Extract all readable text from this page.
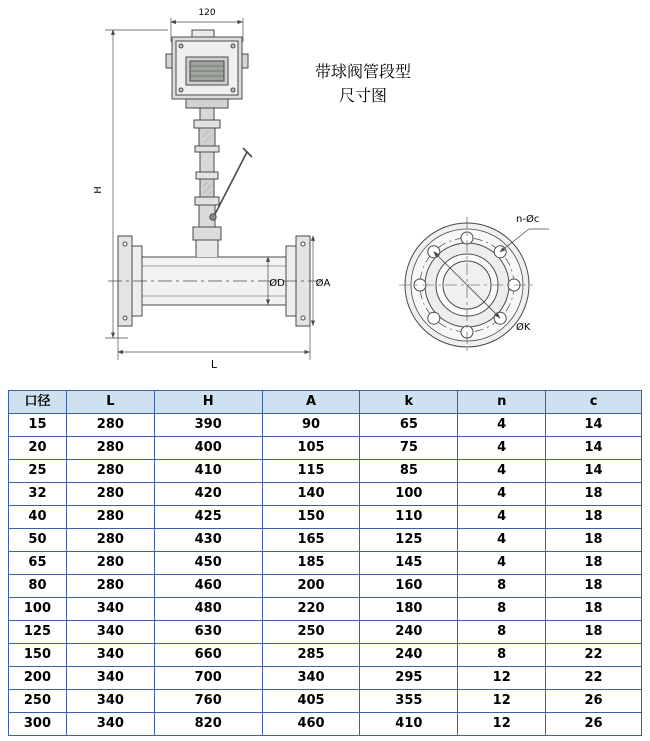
120
H
ØD	ØA
L
n-Øc
ØK
带球阀管段型
尺寸图
口径	L	H	A	k	n	c
15	280	390	90	65	4	14
20	280	400	105	75	4	14
25	280	410	115	85	4	14
32	280	420	140	100	4	18
40	280	425	150	110	4	18
50	280	430	165	125	4	18
65	280	450	185	145	4	18
80	280	460	200	160	8	18
100	340	480	220	180	8	18
125	340	630	250	240	8	18
150	340	660	285	240	8	22
200	340	700	340	295	12	22
250	340	760	405	355	12	26
300	340	820	460	410	12	26
